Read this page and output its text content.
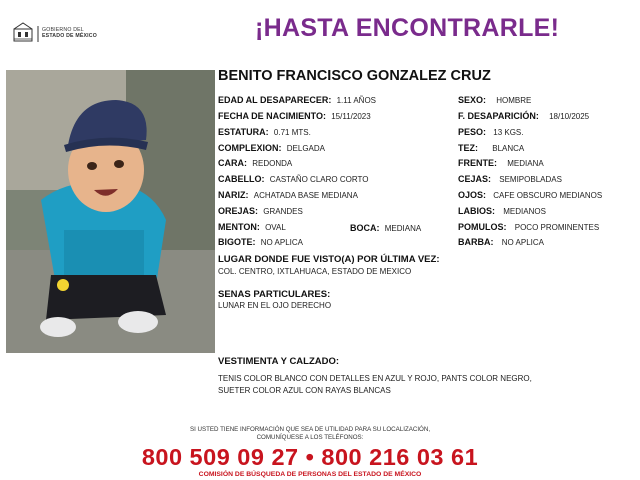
GOBIERNO DEL
ESTADO DE MÉXICO	¡HASTA ENCONTRARLE!
BENITO FRANCISCO GONZALEZ CRUZ
EDAD AL DESAPARECER: 1.11 AÑOS
FECHA DE NACIMIENTO: 15/11/2023
ESTATURA: 0.71 MTS.
COMPLEXION: DELGADA
CARA: REDONDA
CABELLO: CASTAÑO CLARO CORTO
NARIZ: ACHATADA BASE MEDIANA
OREJAS: GRANDES
MENTON: OVAL	BOCA: MEDIANA
BIGOTE: NO APLICA
SEXO: HOMBRE
F. DESAPARICIÓN: 18/10/2025
PESO: 13 KGS.
TEZ: BLANCA
FRENTE: MEDIANA
CEJAS: SEMIPOBLADAS
OJOS: CAFE OBSCURO MEDIANOS
LABIOS: MEDIANOS
POMULOS: POCO PROMINENTES
BARBA: NO APLICA
LUGAR DONDE FUE VISTO(A) POR ÚLTIMA VEZ:
COL. CENTRO, IXTLAHUACA, ESTADO DE MEXICO
SENAS PARTICULARES:
LUNAR EN EL OJO DERECHO
VESTIMENTA Y CALZADO:
TENIS COLOR BLANCO CON DETALLES EN AZUL Y ROJO, PANTS COLOR NEGRO,
SUETER COLOR AZUL CON RAYAS BLANCAS
SI USTED TIENE INFORMACIÓN QUE SEA DE UTILIDAD PARA SU LOCALIZACIÓN,
COMUNÍQUESE A LOS TELÉFONOS:
800 509 09 27 • 800 216 03 61
COMISIÓN DE BÚSQUEDA DE PERSONAS DEL ESTADO DE MÉXICO
